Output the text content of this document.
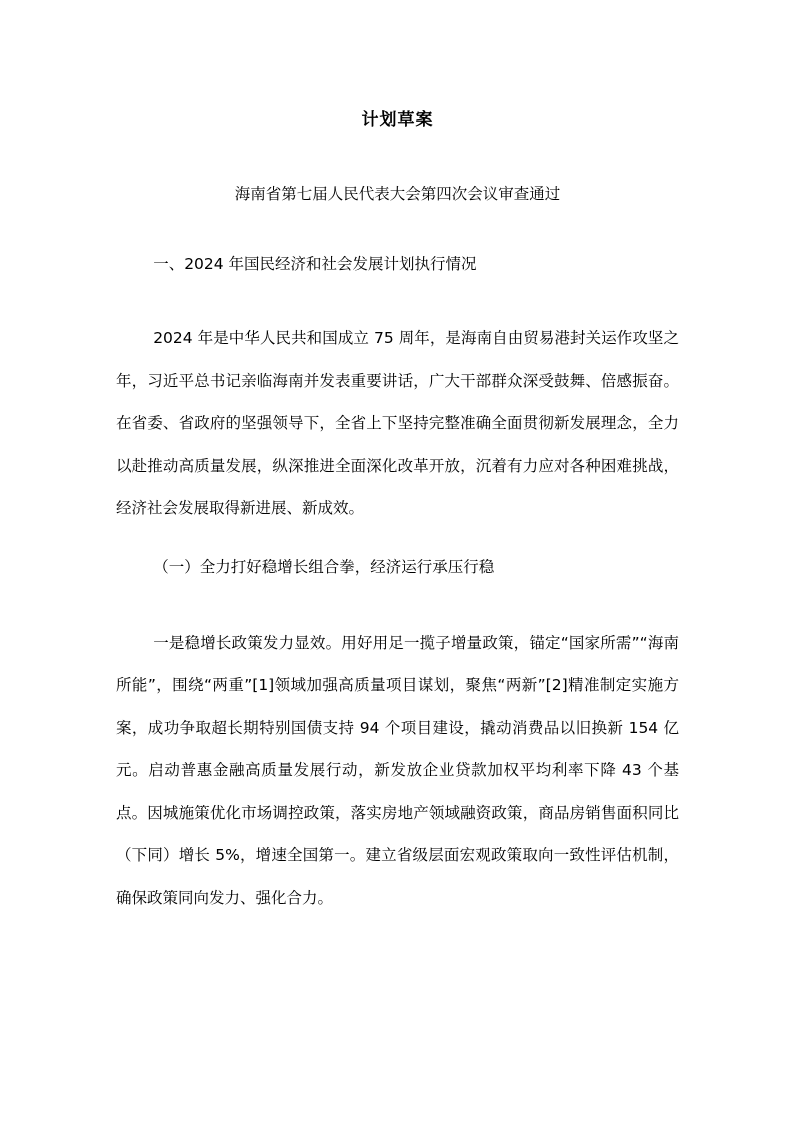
计划草案

海南省第七届人民代表大会第四次会议审查通过

一、2024 年国民经济和社会发展计划执行情况

2024 年是中华人民共和国成立 75 周年，是海南自由贸易港封关运作攻坚之年，习近平总书记亲临海南并发表重要讲话，广大干部群众深受鼓舞、倍感振奋。在省委、省政府的坚强领导下，全省上下坚持完整准确全面贯彻新发展理念，全力以赴推动高质量发展，纵深推进全面深化改革开放，沉着有力应对各种困难挑战，经济社会发展取得新进展、新成效。

（一）全力打好稳增长组合拳，经济运行承压行稳

一是稳增长政策发力显效。用好用足一揽子增量政策，锚定“国家所需”“海南所能”，围绕“两重”[1]领域加强高质量项目谋划，聚焦“两新”[2]精准制定实施方案，成功争取超长期特别国债支持 94 个项目建设，撬动消费品以旧换新 154 亿元。启动普惠金融高质量发展行动，新发放企业贷款加权平均利率下降 43 个基点。因城施策优化市场调控政策，落实房地产领域融资政策，商品房销售面积同比（下同）增长 5%，增速全国第一。建立省级层面宏观政策取向一致性评估机制，确保政策同向发力、强化合力。
